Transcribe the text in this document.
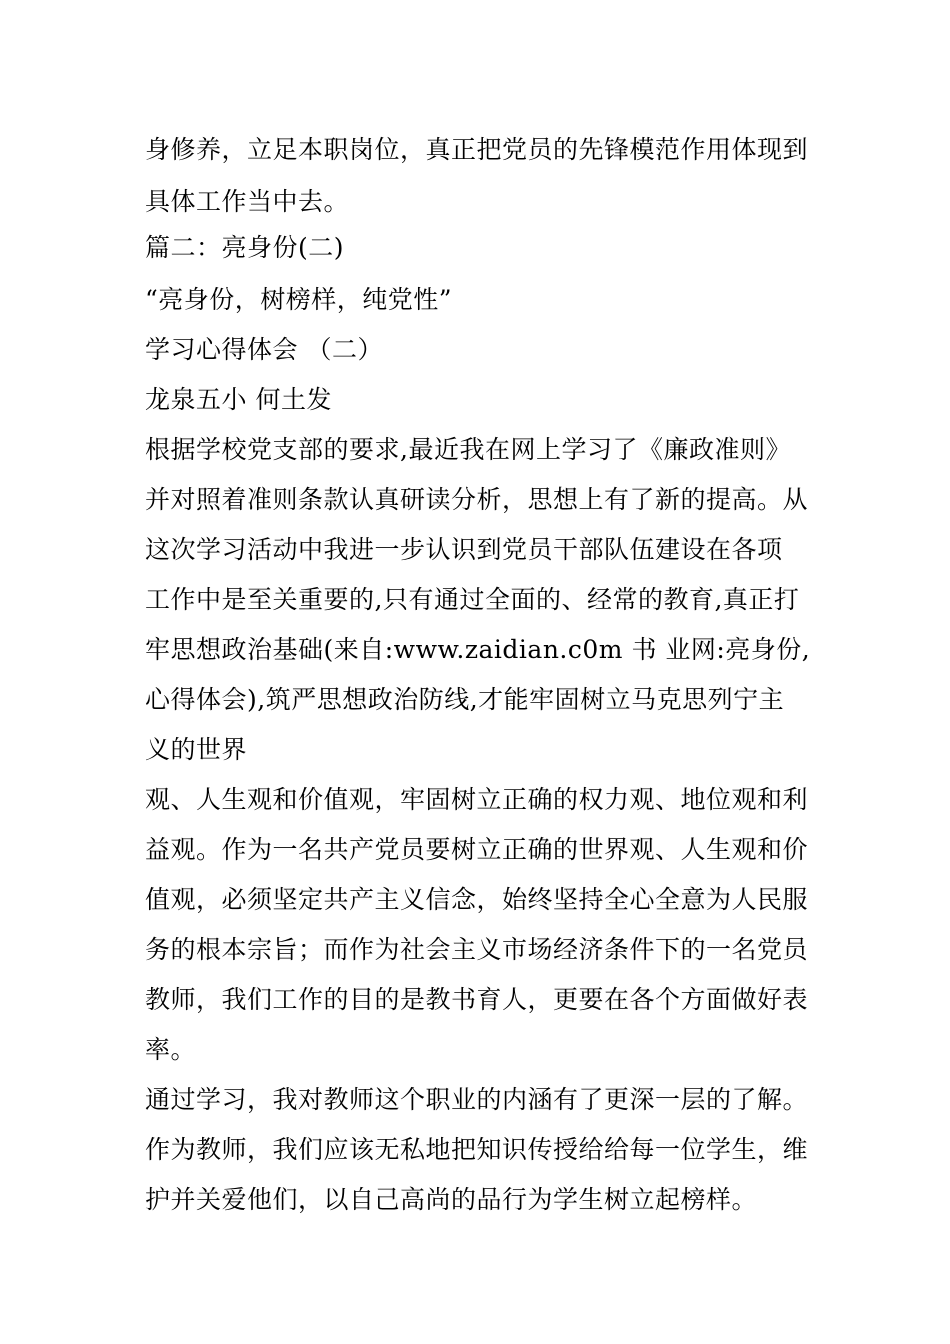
身修养，立足本职岗位，真正把党员的先锋模范作用体现到
具体工作当中去。
篇二：亮身份(二)
“亮身份，树榜样，纯党性”
学习心得体会 （二）
龙泉五小 何土发
根据学校党支部的要求,最近我在网上学习了《廉政准则》
并对照着准则条款认真研读分析，思想上有了新的提高。从
这次学习活动中我进一步认识到党员干部队伍建设在各项
工作中是至关重要的,只有通过全面的、经常的教育,真正打
牢思想政治基础(来自:www.zaidian.c0m 书 业网:亮身份,
心得体会),筑严思想政治防线,才能牢固树立马克思列宁主
义的世界
观、人生观和价值观，牢固树立正确的权力观、地位观和利
益观。作为一名共产党员要树立正确的世界观、人生观和价
值观，必须坚定共产主义信念，始终坚持全心全意为人民服
务的根本宗旨；而作为社会主义市场经济条件下的一名党员
教师，我们工作的目的是教书育人，更要在各个方面做好表
率。
通过学习，我对教师这个职业的内涵有了更深一层的了解。
作为教师，我们应该无私地把知识传授给给每一位学生，维
护并关爱他们，以自己高尚的品行为学生树立起榜样。
